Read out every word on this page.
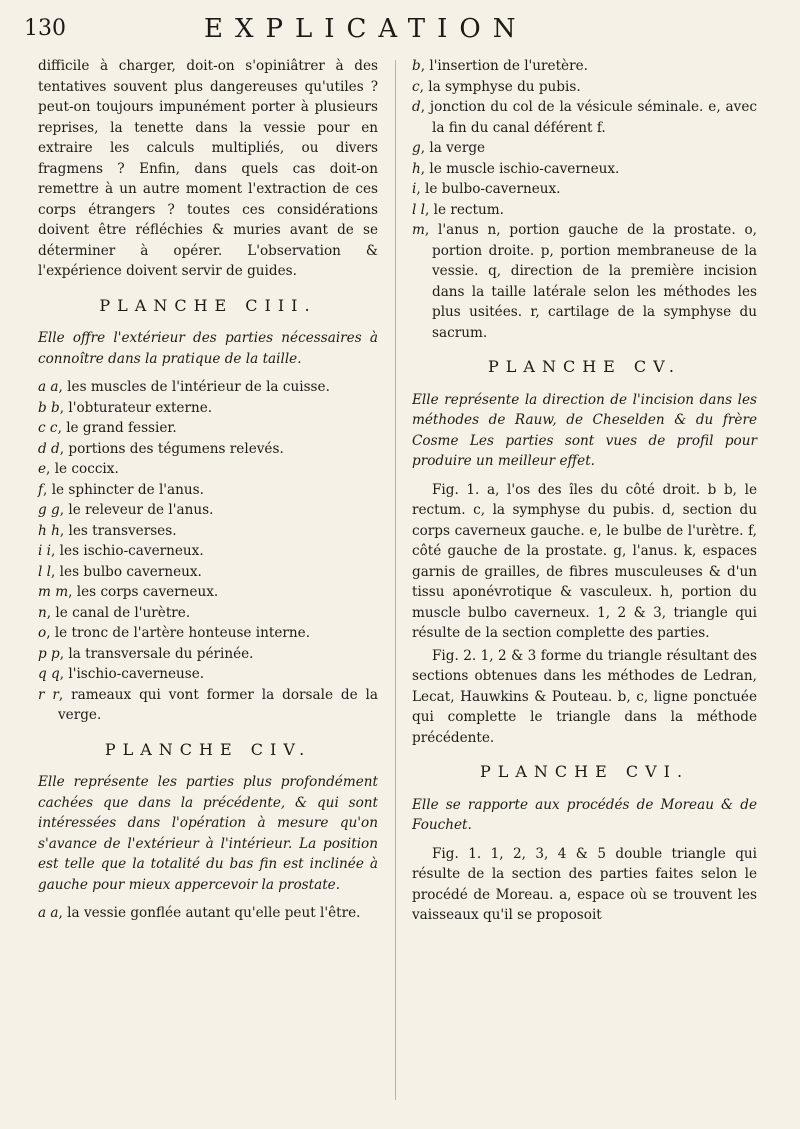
130	EXPLICATION

difficile à charger, doit-on s'opiniâtrer à des tentatives souvent plus dangereuses qu'utiles ? peut-on toujours impunément porter à plusieurs reprises, la tenette dans la vessie pour en extraire les calculs multipliés, ou divers fragmens ? Enfin, dans quels cas doit-on remettre à un autre moment l'extraction de ces corps étrangers ? toutes ces considérations doivent être réfléchies & muries avant de se déterminer à opérer. L'observation & l'expérience doivent servir de guides.

PLANCHE CIII.

Elle offre l'extérieur des parties nécessaires à connoître dans la pratique de la taille.

a a, les muscles de l'intérieur de la cuisse.

b b, l'obturateur externe.

c c, le grand fessier.

d d, portions des tégumens relevés.

e, le coccix.

f, le sphincter de l'anus.

g g, le releveur de l'anus.

h h, les transverses.

i i, les ischio-caverneux.

l l, les bulbo caverneux.

m m, les corps caverneux.

n, le canal de l'urètre.

o, le tronc de l'artère honteuse interne.

p p, la transversale du périnée.

q q, l'ischio-caverneuse.

r r, rameaux qui vont former la dorsale de la verge.

PLANCHE CIV.

Elle représente les parties plus profondément cachées que dans la précédente, & qui sont intéressées dans l'opération à mesure qu'on s'avance de l'extérieur à l'intérieur. La position est telle que la totalité du bas fin est inclinée à gauche pour mieux appercevoir la prostate.

a a, la vessie gonflée autant qu'elle peut l'être.

b, l'insertion de l'uretère.

c, la symphyse du pubis.

d, jonction du col de la vésicule séminale. e, avec la fin du canal déférent f.

g, la verge

h, le muscle ischio-caverneux.

i, le bulbo-caverneux.

l l, le rectum.

m, l'anus n, portion gauche de la prostate. o, portion droite. p, portion membraneuse de la vessie. q, direction de la première incision dans la taille latérale selon les méthodes les plus usitées. r, cartilage de la symphyse du sacrum.

PLANCHE CV.

Elle représente la direction de l'incision dans les méthodes de Rauw, de Cheselden & du frère Cosme Les parties sont vues de profil pour produire un meilleur effet.

Fig. 1. a, l'os des îles du côté droit. b b, le rectum. c, la symphyse du pubis. d, section du corps caverneux gauche. e, le bulbe de l'urètre. f, côté gauche de la prostate. g, l'anus. k, espaces garnis de grailles, de fibres musculeuses & d'un tissu aponévrotique & vasculeux. h, portion du muscle bulbo caverneux. 1, 2 & 3, triangle qui résulte de la section complette des parties.

Fig. 2. 1, 2 & 3 forme du triangle résultant des sections obtenues dans les méthodes de Ledran, Lecat, Hauwkins & Pouteau. b, c, ligne ponctuée qui complette le triangle dans la méthode précédente.

PLANCHE CVI.

Elle se rapporte aux procédés de Moreau & de Fouchet.

Fig. 1. 1, 2, 3, 4 & 5 double triangle qui résulte de la section des parties faites selon le procédé de Moreau. a, espace où se trouvent les vaisseaux qu'il se proposoit
